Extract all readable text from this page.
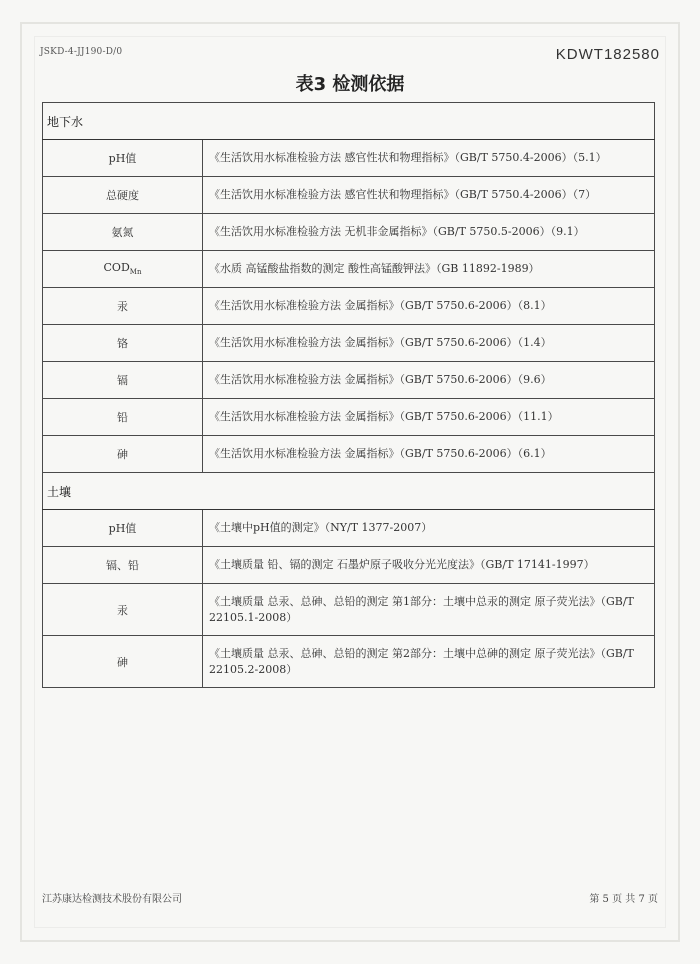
JSKD-4-JJ190-D/0	KDWT182580
表3 检测依据
地下水	
pH值	《生活饮用水标准检验方法 感官性状和物理指标》（GB/T 5750.4-2006）（5.1）
总硬度	《生活饮用水标准检验方法 感官性状和物理指标》（GB/T 5750.4-2006）（7）
氨氮	《生活饮用水标准检验方法 无机非金属指标》（GB/T 5750.5-2006）（9.1）
$COD_{Mn}$	《水质 高锰酸盐指数的测定 酸性高锰酸钾法》（GB 11892-1989）
汞	《生活饮用水标准检验方法 金属指标》（GB/T 5750.6-2006）（8.1）
铬	《生活饮用水标准检验方法 金属指标》（GB/T 5750.6-2006）（1.4）
镉	《生活饮用水标准检验方法 金属指标》（GB/T 5750.6-2006）（9.6）
铅	《生活饮用水标准检验方法 金属指标》（GB/T 5750.6-2006）（11.1）
砷	《生活饮用水标准检验方法 金属指标》（GB/T 5750.6-2006）（6.1）
土壤	
pH值	《土壤中pH值的测定》（NY/T 1377-2007）
镉、铅	《土壤质量 铅、镉的测定 石墨炉原子吸收分光光度法》（GB/T 17141-1997）
汞	《土壤质量 总汞、总砷、总铅的测定 第1部分：土壤中总汞的测定 原子荧光法》（GB/T 22105.1-2008）
砷	《土壤质量 总汞、总砷、总铅的测定 第2部分：土壤中总砷的测定 原子荧光法》（GB/T 22105.2-2008）
江苏康达检测技术股份有限公司	第 5 页 共 7 页
